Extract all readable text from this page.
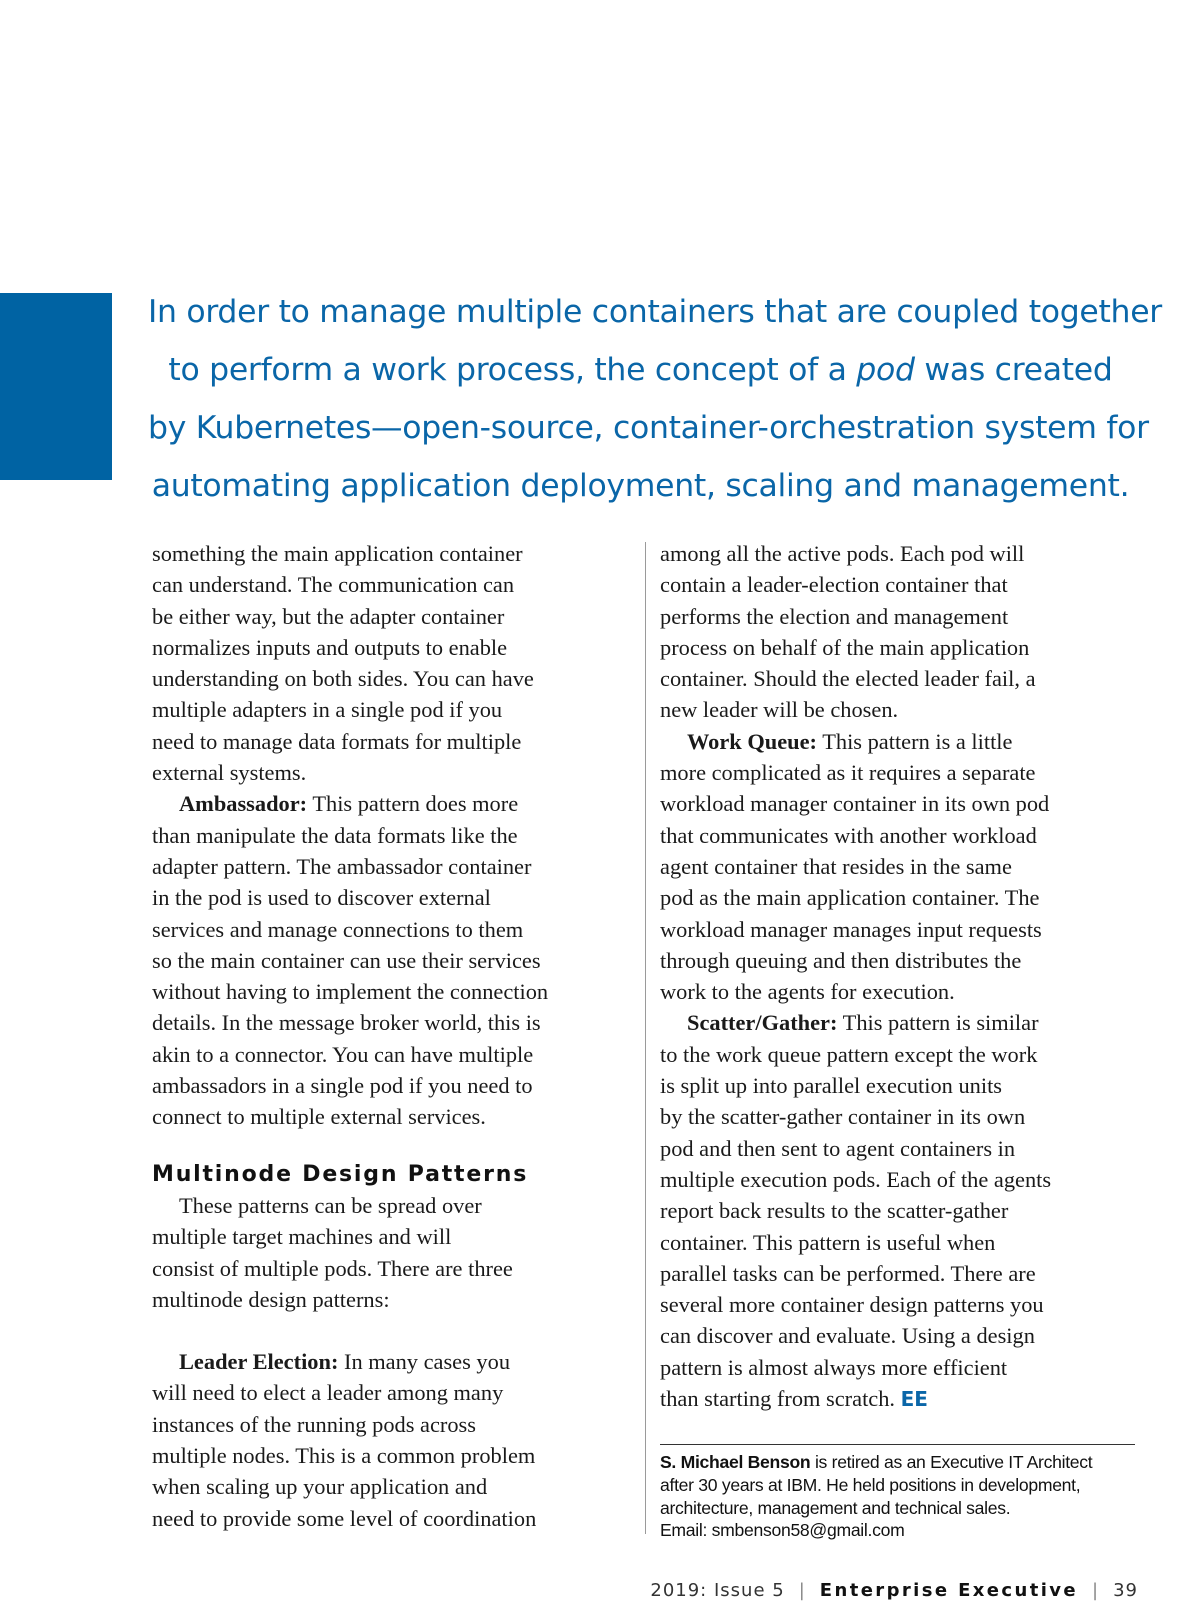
In order to manage multiple containers that are coupled together
to perform a work process, the concept of a pod was created
by Kubernetes—open-source, container-orchestration system for
automating application deployment, scaling and management.

something the main application container
can understand. The communication can
be either way, but the adapter container
normalizes inputs and outputs to enable
understanding on both sides. You can have
multiple adapters in a single pod if you
need to manage data formats for multiple
external systems.

Ambassador: This pattern does more
than manipulate the data formats like the
adapter pattern. The ambassador container
in the pod is used to discover external
services and manage connections to them
so the main container can use their services
without having to implement the connection
details. In the message broker world, this is
akin to a connector. You can have multiple
ambassadors in a single pod if you need to
connect to multiple external services.

Multinode Design Patterns

These patterns can be spread over
multiple target machines and will
consist of multiple pods. There are three
multinode design patterns:

Leader Election: In many cases you
will need to elect a leader among many
instances of the running pods across
multiple nodes. This is a common problem
when scaling up your application and
need to provide some level of coordination

among all the active pods. Each pod will
contain a leader-election container that
performs the election and management
process on behalf of the main application
container. Should the elected leader fail, a
new leader will be chosen.

Work Queue: This pattern is a little
more complicated as it requires a separate
workload manager container in its own pod
that communicates with another workload
agent container that resides in the same
pod as the main application container. The
workload manager manages input requests
through queuing and then distributes the
work to the agents for execution.

Scatter/Gather: This pattern is similar
to the work queue pattern except the work
is split up into parallel execution units
by the scatter-gather container in its own
pod and then sent to agent containers in
multiple execution pods. Each of the agents
report back results to the scatter-gather
container. This pattern is useful when
parallel tasks can be performed. There are
several more container design patterns you
can discover and evaluate. Using a design
pattern is almost always more efficient
than starting from scratch. EE

S. Michael Benson is retired as an Executive IT Architect
after 30 years at IBM. He held positions in development,
architecture, management and technical sales.
Email: smbenson58@gmail.com
2019: Issue 5 | Enterprise Executive | 39
